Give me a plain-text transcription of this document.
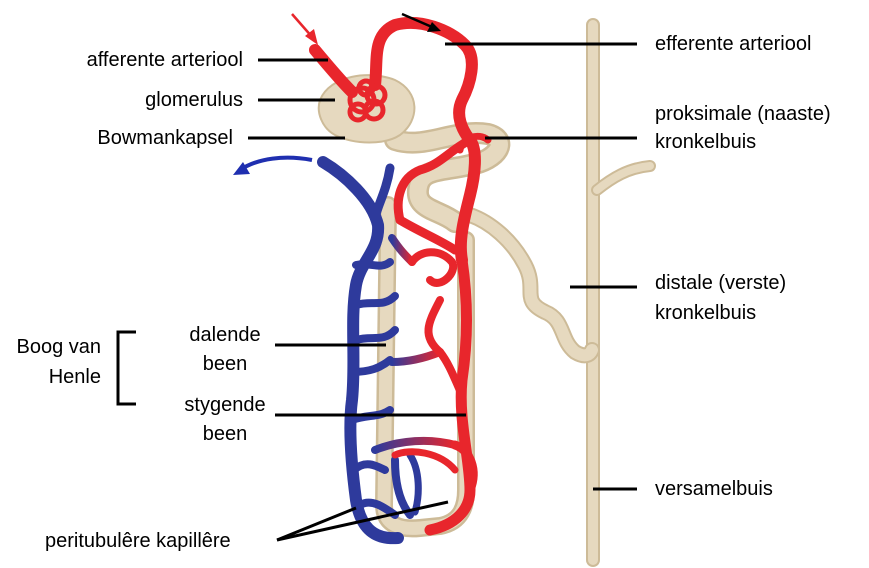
afferente arteriool
glomerulus
Bowmankapsel
efferente arteriool
proksimale (naaste)
kronkelbuis
distale (verste)
kronkelbuis
versamelbuis
Boog van
Henle
dalende
been
stygende
been
peritubulêre kapillêre
